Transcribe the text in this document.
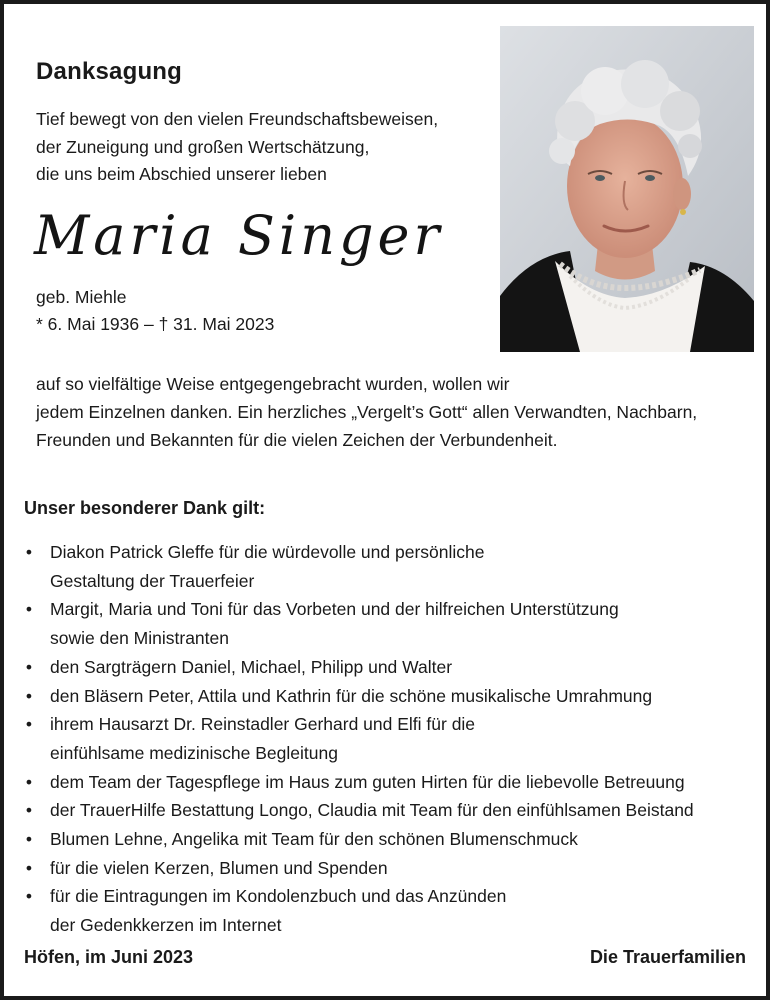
Danksagung
Tief bewegt von den vielen Freundschaftsbeweisen,
der Zuneigung und großen Wertschätzung,
die uns beim Abschied unserer lieben
Maria Singer
geb. Miehle
* 6. Mai 1936 – † 31. Mai 2023
auf so vielfältige Weise entgegengebracht wurden, wollen wir
jedem Einzelnen danken. Ein herzliches „Vergelt’s Gott“ allen Verwandten, Nachbarn,
Freunden und Bekannten für die vielen Zeichen der Verbundenheit.
Unser besonderer Dank gilt:
• Diakon Patrick Gleffe für die würdevolle und persönliche
Gestaltung der Trauerfeier
• Margit, Maria und Toni für das Vorbeten und der hilfreichen Unterstützung
sowie den Ministranten
• den Sargträgern Daniel, Michael, Philipp und Walter
• den Bläsern Peter, Attila und Kathrin für die schöne musikalische Umrahmung
• ihrem Hausarzt Dr. Reinstadler Gerhard und Elfi für die
einfühlsame medizinische Begleitung
• dem Team der Tagespflege im Haus zum guten Hirten für die liebevolle Betreuung
• der TrauerHilfe Bestattung Longo, Claudia mit Team für den einfühlsamen Beistand
• Blumen Lehne, Angelika mit Team für den schönen Blumenschmuck
• für die vielen Kerzen, Blumen und Spenden
• für die Eintragungen im Kondolenzbuch und das Anzünden
der Gedenkkerzen im Internet
Höfen, im Juni 2023	Die Trauerfamilien
